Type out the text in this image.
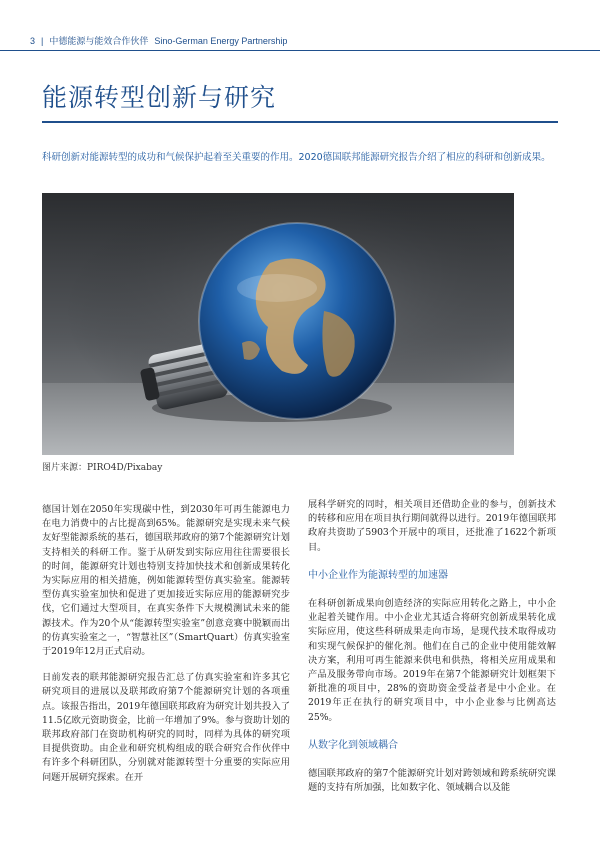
3 | 中德能源与能效合作伙伴 Sino-German Energy Partnership
能源转型创新与研究

科研创新对能源转型的成功和气候保护起着至关重要的作用。2020德国联邦能源研究报告介绍了相应的科研和创新成果。

图片来源：PIRO4D/Pixabay

德国计划在2050年实现碳中性，到2030年可再生能源电力在电力消费中的占比提高到65%。能源研究是实现未来气候友好型能源系统的基石，德国联邦政府的第7个能源研究计划支持相关的科研工作。鉴于从研发到实际应用往往需要很长的时间，能源研究计划也特别支持加快技术和创新成果转化为实际应用的相关措施，例如能源转型仿真实验室。能源转型仿真实验室加快和促进了更加接近实际应用的能源研究步伐，它们通过大型项目，在真实条件下大规模测试未来的能源技术。作为20个从“能源转型实验室”创意竞赛中脱颖而出的仿真实验室之一，“智慧社区”（SmartQuart）仿真实验室于2019年12月正式启动。

日前发表的联邦能源研究报告汇总了仿真实验室和许多其它研究项目的进展以及联邦政府第7个能源研究计划的各项重点。该报告指出，2019年德国联邦政府为研究计划共投入了11.5亿欧元资助资金，比前一年增加了9%。参与资助计划的联邦政府部门在资助机构研究的同时，同样为具体的研究项目提供资助。由企业和研究机构组成的联合研究合作伙伴中有许多个科研团队，分别就对能源转型十分重要的实际应用问题开展研究探索。在开

展科学研究的同时，相关项目还借助企业的参与，创新技术的转移和应用在项目执行期间就得以进行。2019年德国联邦政府共资助了5903个开展中的项目，还批准了1622个新项目。

中小企业作为能源转型的加速器

在科研创新成果向创造经济的实际应用转化之路上，中小企业起着关键作用。中小企业尤其适合将研究创新成果转化成实际应用，使这些科研成果走向市场，是现代技术取得成功和实现气候保护的催化剂。他们在自己的企业中使用能效解决方案，利用可再生能源来供电和供热，将相关应用成果和产品及服务带向市场。2019年在第7个能源研究计划框架下新批准的项目中，28%的资助资金受益者是中小企业。在2019年正在执行的研究项目中，中小企业参与比例高达25%。

从数字化到领域耦合

德国联邦政府的第7个能源研究计划对跨领域和跨系统研究课题的支持有所加强，比如数字化、领域耦合以及能
